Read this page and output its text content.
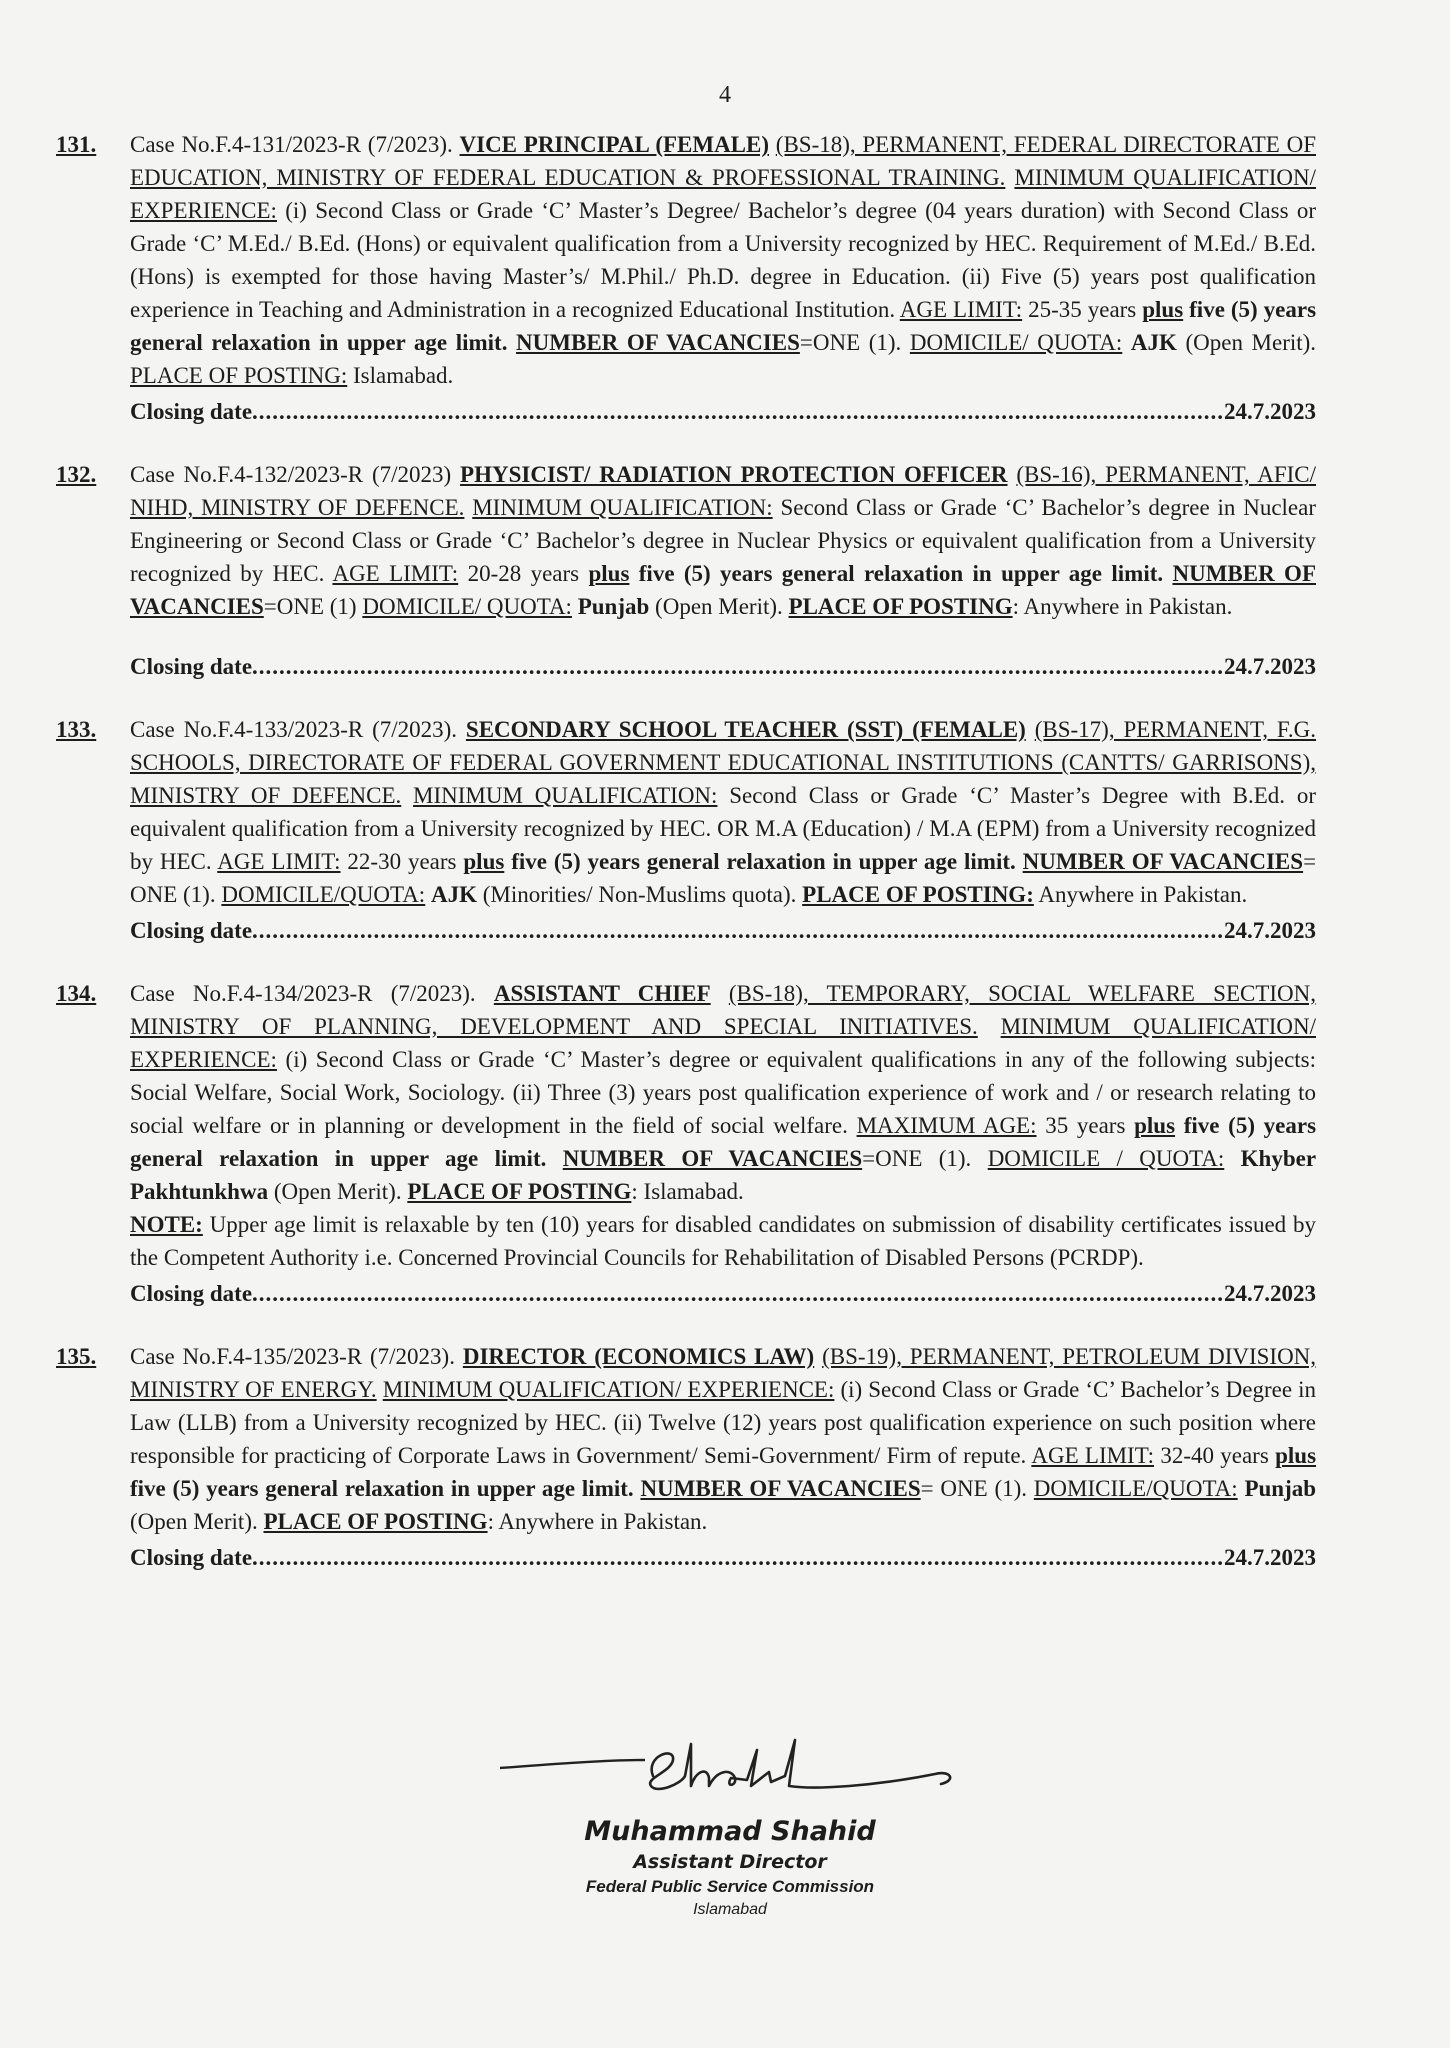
4
131.	Case No.F.4-131/2023-R (7/2023). VICE PRINCIPAL (FEMALE) (BS-18), PERMANENT, FEDERAL DIRECTORATE OF EDUCATION, MINISTRY OF FEDERAL EDUCATION & PROFESSIONAL TRAINING. MINIMUM QUALIFICATION/ EXPERIENCE: (i) Second Class or Grade ‘C’ Master’s Degree/ Bachelor’s degree (04 years duration) with Second Class or Grade ‘C’ M.Ed./ B.Ed. (Hons) or equivalent qualification from a University recognized by HEC. Requirement of M.Ed./ B.Ed. (Hons) is exempted for those having Master’s/ M.Phil./ Ph.D. degree in Education. (ii) Five (5) years post qualification experience in Teaching and Administration in a recognized Educational Institution. AGE LIMIT: 25-35 years plus five (5) years general relaxation in upper age limit. NUMBER OF VACANCIES=ONE (1). DOMICILE/ QUOTA: AJK (Open Merit). PLACE OF POSTING: Islamabad.

Closing date .....	24.7.2023
132.	Case No.F.4-132/2023-R (7/2023) PHYSICIST/ RADIATION PROTECTION OFFICER (BS-16), PERMANENT, AFIC/ NIHD, MINISTRY OF DEFENCE. MINIMUM QUALIFICATION: Second Class or Grade ‘C’ Bachelor’s degree in Nuclear Engineering or Second Class or Grade ‘C’ Bachelor’s degree in Nuclear Physics or equivalent qualification from a University recognized by HEC. AGE LIMIT: 20-28 years plus five (5) years general relaxation in upper age limit. NUMBER OF VACANCIES=ONE (1) DOMICILE/ QUOTA: Punjab (Open Merit). PLACE OF POSTING: Anywhere in Pakistan.

Closing date .....	24.7.2023
133.	Case No.F.4-133/2023-R (7/2023). SECONDARY SCHOOL TEACHER (SST) (FEMALE) (BS-17), PERMANENT, F.G. SCHOOLS, DIRECTORATE OF FEDERAL GOVERNMENT EDUCATIONAL INSTITUTIONS (CANTTS/ GARRISONS), MINISTRY OF DEFENCE. MINIMUM QUALIFICATION: Second Class or Grade ‘C’ Master’s Degree with B.Ed. or equivalent qualification from a University recognized by HEC. OR M.A (Education) / M.A (EPM) from a University recognized by HEC. AGE LIMIT: 22-30 years plus five (5) years general relaxation in upper age limit. NUMBER OF VACANCIES= ONE (1). DOMICILE/QUOTA: AJK (Minorities/ Non-Muslims quota). PLACE OF POSTING: Anywhere in Pakistan.

Closing date .....	24.7.2023
134.	Case No.F.4-134/2023-R (7/2023). ASSISTANT CHIEF (BS-18), TEMPORARY, SOCIAL WELFARE SECTION, MINISTRY OF PLANNING, DEVELOPMENT AND SPECIAL INITIATIVES. MINIMUM QUALIFICATION/ EXPERIENCE: (i) Second Class or Grade ‘C’ Master’s degree or equivalent qualifications in any of the following subjects: Social Welfare, Social Work, Sociology. (ii) Three (3) years post qualification experience of work and / or research relating to social welfare or in planning or development in the field of social welfare. MAXIMUM AGE: 35 years plus five (5) years general relaxation in upper age limit. NUMBER OF VACANCIES=ONE (1). DOMICILE / QUOTA: Khyber Pakhtunkhwa (Open Merit). PLACE OF POSTING: Islamabad.

NOTE: Upper age limit is relaxable by ten (10) years for disabled candidates on submission of disability certificates issued by the Competent Authority i.e. Concerned Provincial Councils for Rehabilitation of Disabled Persons (PCRDP).

Closing date .....	24.7.2023
135.	Case No.F.4-135/2023-R (7/2023). DIRECTOR (ECONOMICS LAW) (BS-19), PERMANENT, PETROLEUM DIVISION, MINISTRY OF ENERGY. MINIMUM QUALIFICATION/ EXPERIENCE: (i) Second Class or Grade ‘C’ Bachelor’s Degree in Law (LLB) from a University recognized by HEC. (ii) Twelve (12) years post qualification experience on such position where responsible for practicing of Corporate Laws in Government/ Semi-Government/ Firm of repute. AGE LIMIT: 32-40 years plus five (5) years general relaxation in upper age limit. NUMBER OF VACANCIES= ONE (1). DOMICILE/QUOTA: Punjab (Open Merit). PLACE OF POSTING: Anywhere in Pakistan.

Closing date .....	24.7.2023
Muhammad Shahid
Assistant Director
Federal Public Service Commission
Islamabad
